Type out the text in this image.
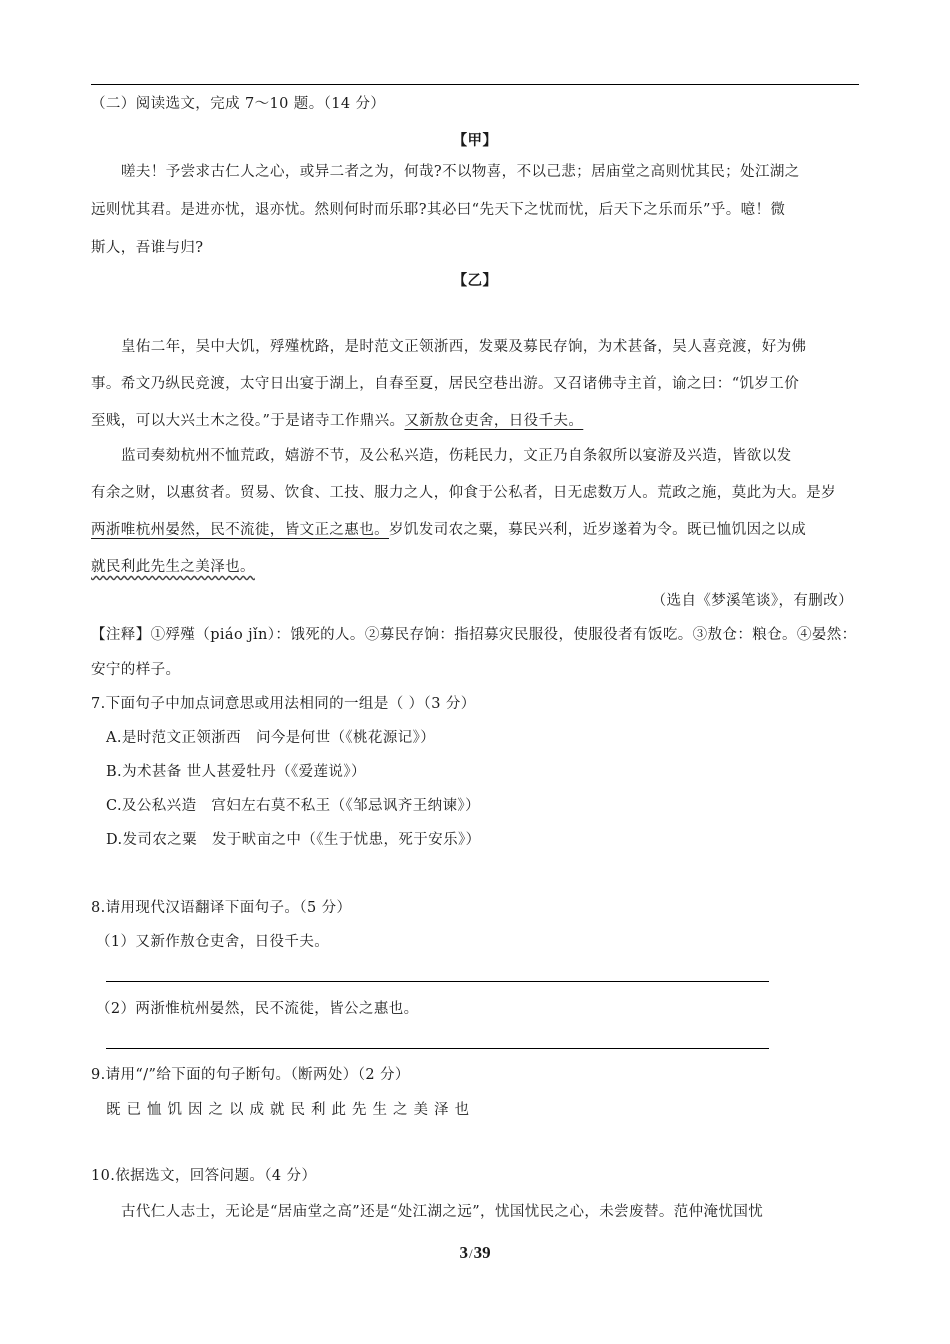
（二）阅读选文，完成 7～10 题。（14 分）
【甲】
嗟夫！予尝求古仁人之心，或异二者之为，何哉?不以物喜，不以己悲；居庙堂之高则忧其民；处江湖之
远则忧其君。是进亦忧，退亦忧。然则何时而乐耶?其必曰“先天下之忧而忧，后天下之乐而乐”乎。噫！微
斯人，吾谁与归?
【乙】
皇佑二年，吴中大饥，殍殣枕路，是时范文正领浙西，发粟及募民存饷，为术甚备，吴人喜竞渡，好为佛
事。希文乃纵民竞渡，太守日出宴于湖上，自春至夏，居民空巷出游。又召诸佛寺主首，谕之曰：“饥岁工价
至贱，可以大兴土木之役。”于是诸寺工作鼎兴。又新敖仓吏舍，日役千夫。
监司奏劾杭州不恤荒政，嬉游不节，及公私兴造，伤耗民力，文正乃自条叙所以宴游及兴造，皆欲以发
有余之财，以惠贫者。贸易、饮食、工技、服力之人，仰食于公私者，日无虑数万人。荒政之施，莫此为大。是岁
两浙唯杭州晏然，民不流徙，皆文正之惠也。岁饥发司农之粟，募民兴利，近岁遂着为令。既已恤饥因之以成
就民利此先生之美泽也。
（选自《梦溪笔谈》，有删改）
【注释】①殍殣（piáo jǐn）：饿死的人。②募民存饷：指招募灾民服役，使服役者有饭吃。③敖仓：粮仓。④晏然：
安宁的样子。
7.下面句子中加点词意思或用法相同的一组是（ ）（3 分）
A.是时范文正领浙西　问今是何世（《桃花源记》）
B.为术甚备 世人甚爱牡丹（《爱莲说》）
C.及公私兴造　宫妇左右莫不私王（《邹忌讽齐王纳谏》）
D.发司农之粟　发于畎亩之中（《生于忧患，死于安乐》）
8.请用现代汉语翻译下面句子。（5 分）
（1）又新作敖仓吏舍，日役千夫。
（2）两浙惟杭州晏然，民不流徙，皆公之惠也。
9.请用“/”给下面的句子断句。（断两处）（2 分）
既已恤饥因之以成就民利此先生之美泽也
10.依据选文，回答问题。（4 分）
古代仁人志士，无论是“居庙堂之高”还是“处江湖之远”，忧国忧民之心，未尝废替。范仲淹忧国忧
3/39
